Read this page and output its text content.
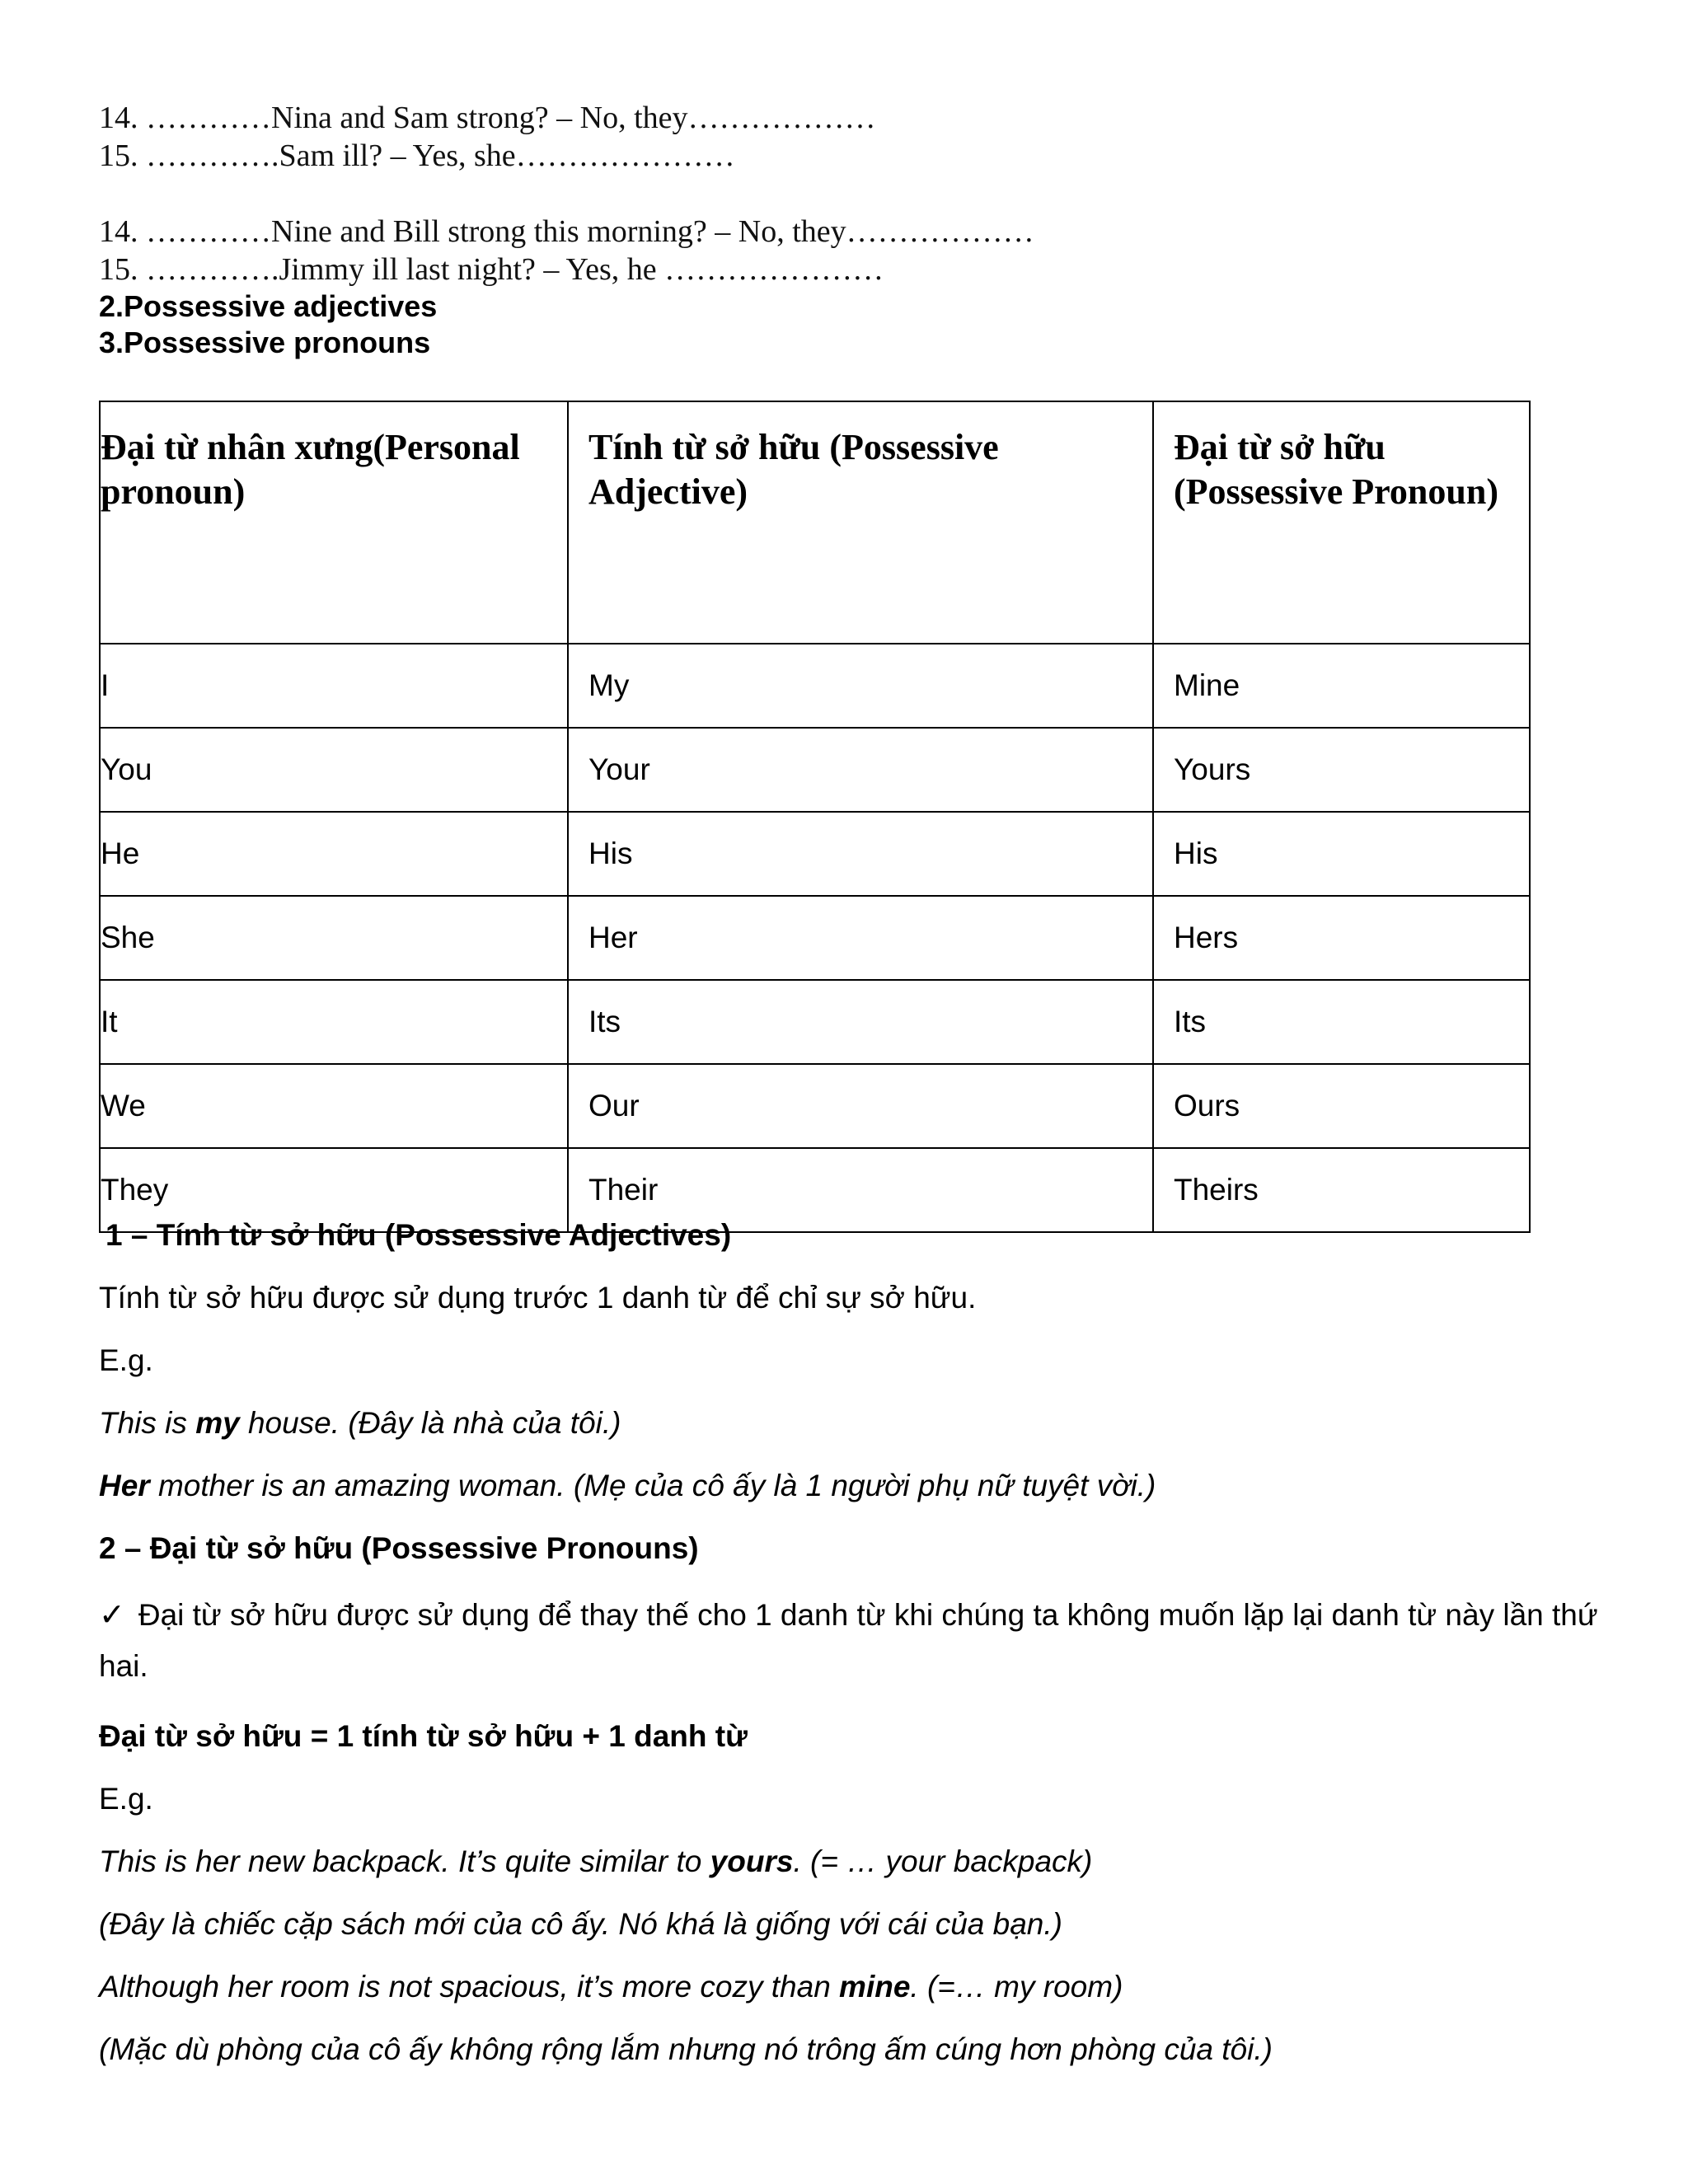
14. …………Nina and Sam strong? – No, they………………
15. ………….Sam ill? – Yes, she…………………
14. …………Nine and Bill strong this morning? – No, they………………
15. ………….Jimmy ill last night? – Yes, he …………………
2.Possessive adjectives
3.Possessive pronouns
Đại từ nhân xưng(Personal pronoun)	Tính từ sở hữu (Possessive Adjective)	Đại từ sở hữu (Possessive Pronoun)

I	My	Mine
You	Your	Yours
He	His	His
She	Her	Hers
It	Its	Its
We	Our	Ours
They	Their	Theirs
1 – Tính từ sở hữu (Possessive Adjectives)
Tính từ sở hữu được sử dụng trước 1 danh từ để chỉ sự sở hữu.
E.g.
This is my house. (Đây là nhà của tôi.)
Her mother is an amazing woman. (Mẹ của cô ấy là 1 người phụ nữ tuyệt vời.)
2 – Đại từ sở hữu (Possessive Pronouns)
✓ Đại từ sở hữu được sử dụng để thay thế cho 1 danh từ khi chúng ta không muốn lặp lại danh từ này lần thứ hai.
Đại từ sở hữu = 1 tính từ sở hữu + 1 danh từ
E.g.
This is her new backpack. It’s quite similar to yours. (= … your backpack)
(Đây là chiếc cặp sách mới của cô ấy. Nó khá là giống với cái của bạn.)
Although her room is not spacious, it’s more cozy than mine. (=… my room)
(Mặc dù phòng của cô ấy không rộng lắm nhưng nó trông ấm cúng hơn phòng của tôi.)
